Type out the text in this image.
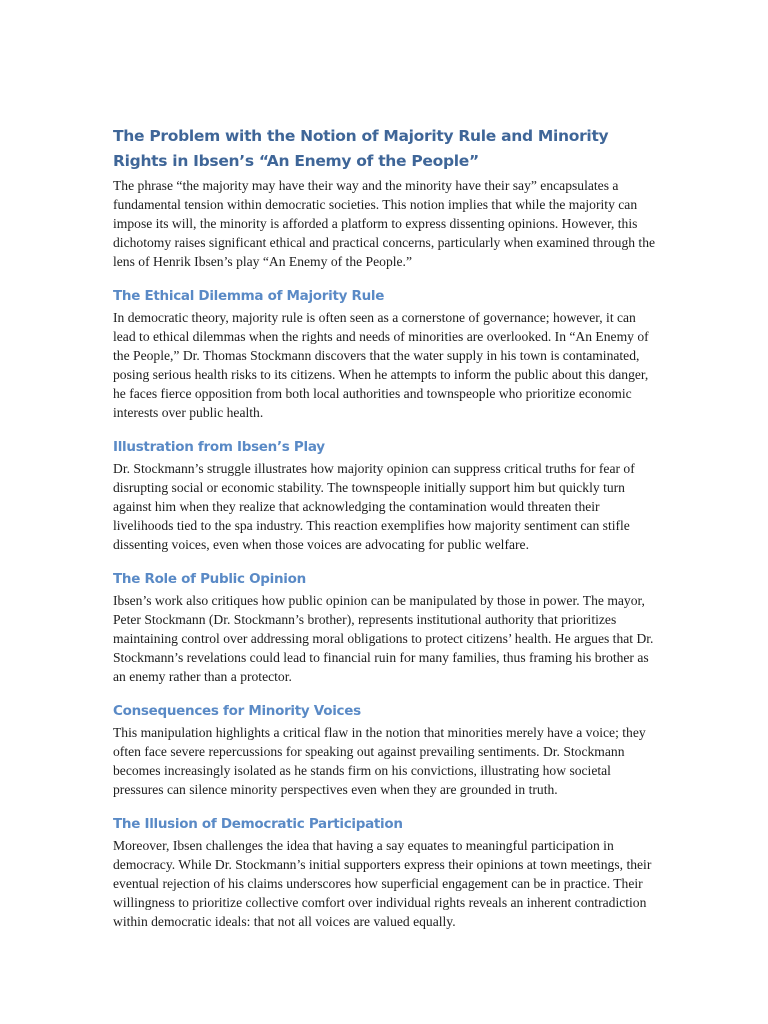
The Problem with the Notion of Majority Rule and Minority Rights in Ibsen’s “An Enemy of the People”

The phrase “the majority may have their way and the minority have their say” encapsulates a fundamental tension within democratic societies. This notion implies that while the majority can impose its will, the minority is afforded a platform to express dissenting opinions. However, this dichotomy raises significant ethical and practical concerns, particularly when examined through the lens of Henrik Ibsen’s play “An Enemy of the People.”

The Ethical Dilemma of Majority Rule

In democratic theory, majority rule is often seen as a cornerstone of governance; however, it can lead to ethical dilemmas when the rights and needs of minorities are overlooked. In “An Enemy of the People,” Dr. Thomas Stockmann discovers that the water supply in his town is contaminated, posing serious health risks to its citizens. When he attempts to inform the public about this danger, he faces fierce opposition from both local authorities and townspeople who prioritize economic interests over public health.

Illustration from Ibsen’s Play

Dr. Stockmann’s struggle illustrates how majority opinion can suppress critical truths for fear of disrupting social or economic stability. The townspeople initially support him but quickly turn against him when they realize that acknowledging the contamination would threaten their livelihoods tied to the spa industry. This reaction exemplifies how majority sentiment can stifle dissenting voices, even when those voices are advocating for public welfare.

The Role of Public Opinion

Ibsen’s work also critiques how public opinion can be manipulated by those in power. The mayor, Peter Stockmann (Dr. Stockmann’s brother), represents institutional authority that prioritizes maintaining control over addressing moral obligations to protect citizens’ health. He argues that Dr. Stockmann’s revelations could lead to financial ruin for many families, thus framing his brother as an enemy rather than a protector.

Consequences for Minority Voices

This manipulation highlights a critical flaw in the notion that minorities merely have a voice; they often face severe repercussions for speaking out against prevailing sentiments. Dr. Stockmann becomes increasingly isolated as he stands firm on his convictions, illustrating how societal pressures can silence minority perspectives even when they are grounded in truth.

The Illusion of Democratic Participation

Moreover, Ibsen challenges the idea that having a say equates to meaningful participation in democracy. While Dr. Stockmann’s initial supporters express their opinions at town meetings, their eventual rejection of his claims underscores how superficial engagement can be in practice. Their willingness to prioritize collective comfort over individual rights reveals an inherent contradiction within democratic ideals: that not all voices are valued equally.
